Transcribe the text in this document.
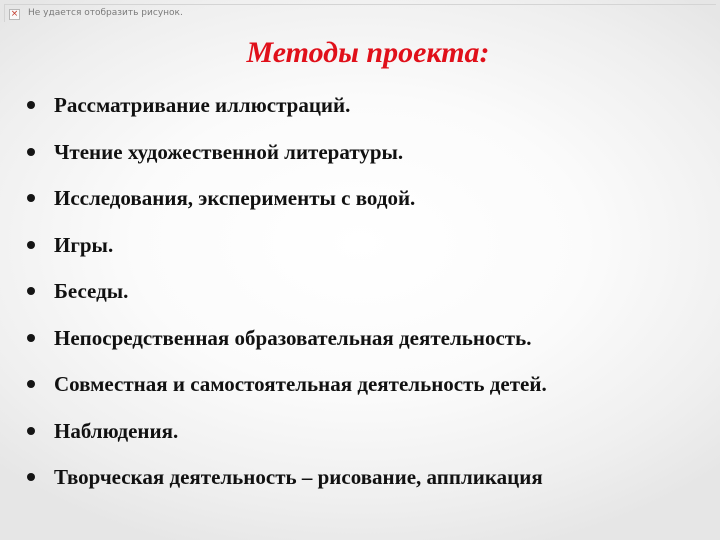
× Не удается отобразить рисунок.
Методы проекта:
Рассматривание иллюстраций.
Чтение художественной литературы.
Исследования, эксперименты с водой.
Игры.
Беседы.
Непосредственная образовательная деятельность.
Совместная и самостоятельная деятельность детей.
Наблюдения.
Творческая деятельность – рисование, аппликация
